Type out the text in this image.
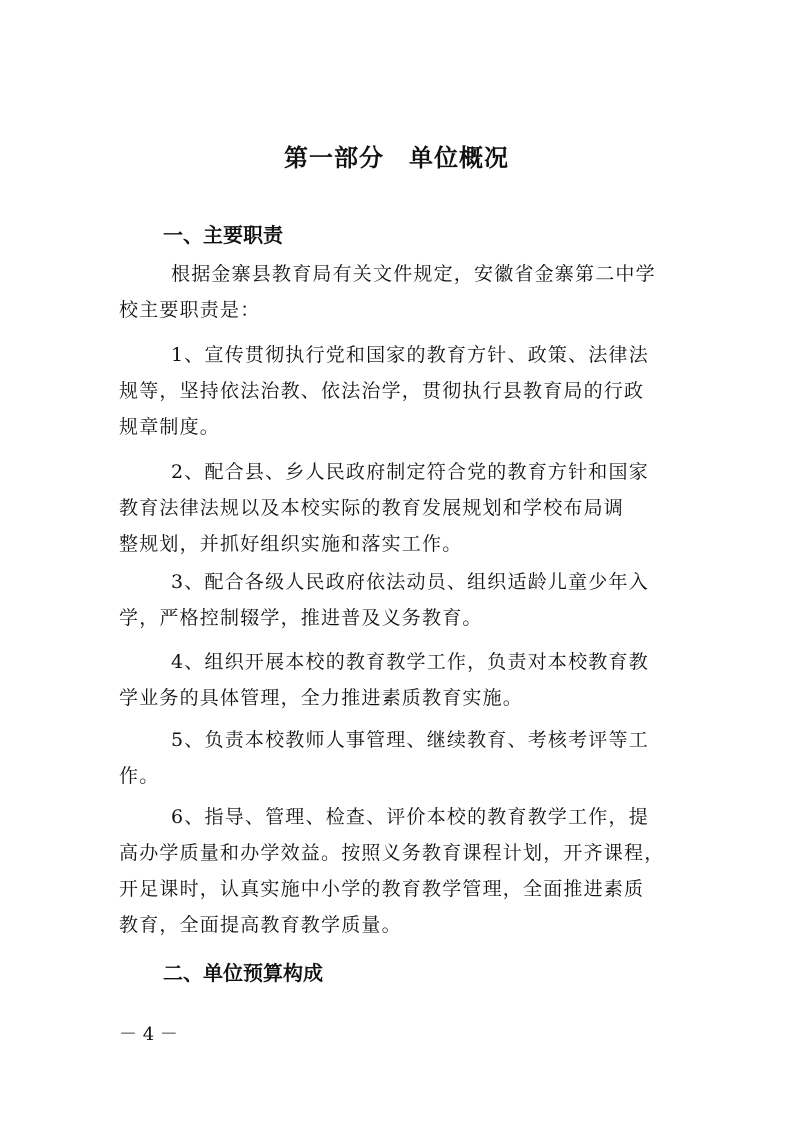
第一部分　单位概况
一、主要职责
根据金寨县教育局有关文件规定，安徽省金寨第二中学
校主要职责是：
1、宣传贯彻执行党和国家的教育方针、政策、法律法
规等，坚持依法治教、依法治学，贯彻执行县教育局的行政
规章制度。
2、配合县、乡人民政府制定符合党的教育方针和国家
教育法律法规以及本校实际的教育发展规划和学校布局调
整规划，并抓好组织实施和落实工作。
3、配合各级人民政府依法动员、组织适龄儿童少年入
学，严格控制辍学，推进普及义务教育。
4、组织开展本校的教育教学工作，负责对本校教育教
学业务的具体管理，全力推进素质教育实施。
5、负责本校教师人事管理、继续教育、考核考评等工
作。
6、指导、管理、检查、评价本校的教育教学工作，提
高办学质量和办学效益。按照义务教育课程计划，开齐课程，
开足课时，认真实施中小学的教育教学管理，全面推进素质
教育，全面提高教育教学质量。
二、单位预算构成
－ 4 －
